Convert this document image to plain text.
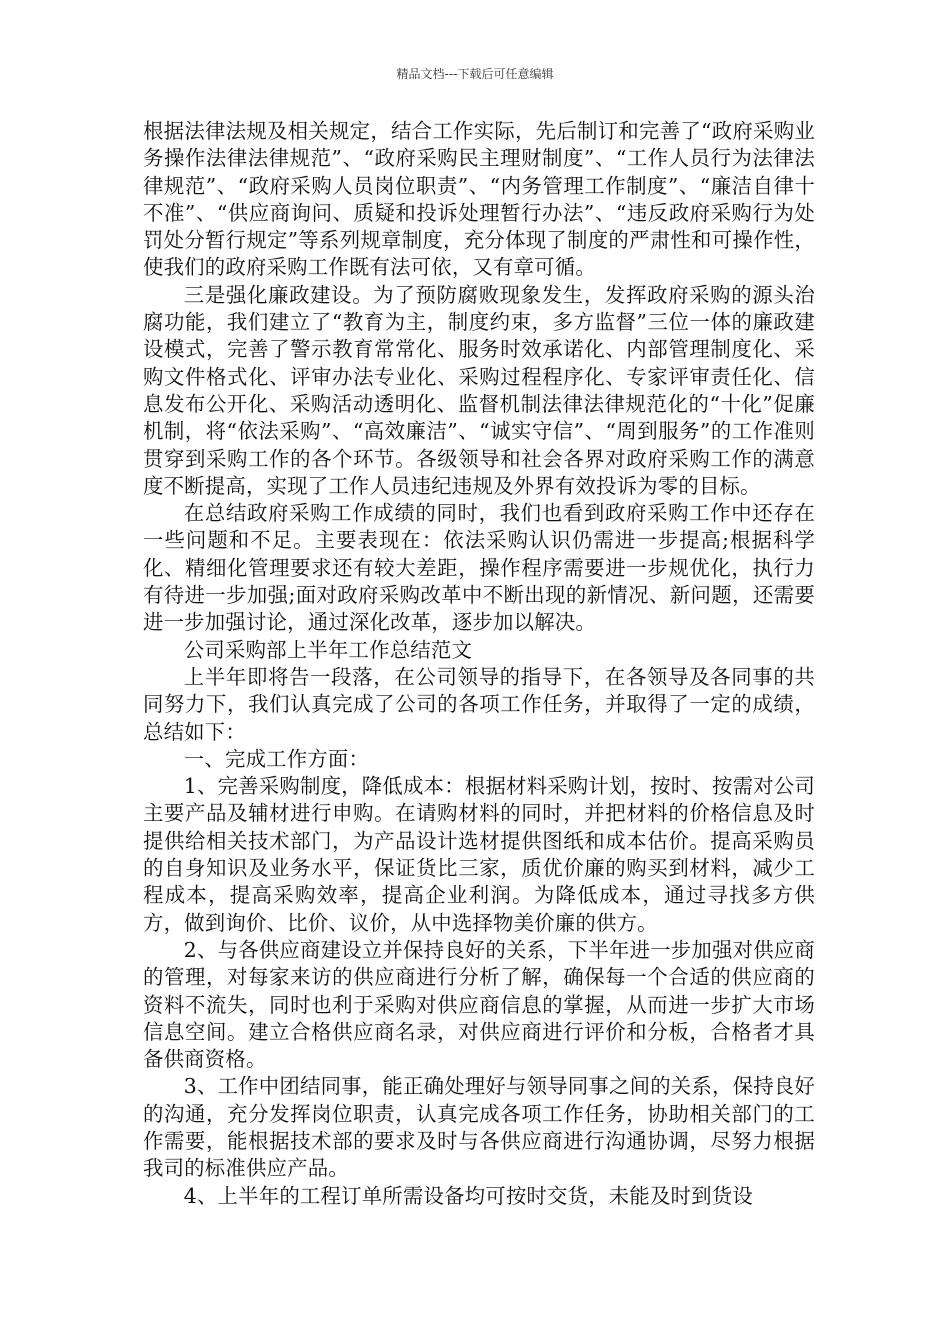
精品文档---下载后可任意编辑

根据法律法规及相关规定，结合工作实际，先后制订和完善了“政府采购业务操作法律法律规范”、“政府采购民主理财制度”、“工作人员行为法律法律规范”、“政府采购人员岗位职责”、“内务管理工作制度”、“廉洁自律十不准”、“供应商询问、质疑和投诉处理暂行办法”、“违反政府采购行为处罚处分暂行规定”等系列规章制度，充分体现了制度的严肃性和可操作性，使我们的政府采购工作既有法可依，又有章可循。

三是强化廉政建设。为了预防腐败现象发生，发挥政府采购的源头治腐功能，我们建立了“教育为主，制度约束，多方监督”三位一体的廉政建设模式，完善了警示教育常常化、服务时效承诺化、内部管理制度化、采购文件格式化、评审办法专业化、采购过程程序化、专家评审责任化、信息发布公开化、采购活动透明化、监督机制法律法律规范化的“十化”促廉机制，将“依法采购”、“高效廉洁”、“诚实守信”、“周到服务”的工作准则贯穿到采购工作的各个环节。各级领导和社会各界对政府采购工作的满意度不断提高，实现了工作人员违纪违规及外界有效投诉为零的目标。

在总结政府采购工作成绩的同时，我们也看到政府采购工作中还存在一些问题和不足。主要表现在：依法采购认识仍需进一步提高;根据科学化、精细化管理要求还有较大差距，操作程序需要进一步规优化，执行力有待进一步加强;面对政府采购改革中不断出现的新情况、新问题，还需要进一步加强讨论，通过深化改革，逐步加以解决。

公司采购部上半年工作总结范文

上半年即将告一段落，在公司领导的指导下，在各领导及各同事的共同努力下，我们认真完成了公司的各项工作任务，并取得了一定的成绩，总结如下：

一、完成工作方面：

1、完善采购制度，降低成本：根据材料采购计划，按时、按需对公司主要产品及辅材进行申购。在请购材料的同时，并把材料的价格信息及时提供给相关技术部门，为产品设计选材提供图纸和成本估价。提高采购员的自身知识及业务水平，保证货比三家，质优价廉的购买到材料，减少工程成本，提高采购效率，提高企业利润。为降低成本，通过寻找多方供方，做到询价、比价、议价，从中选择物美价廉的供方。

2、与各供应商建设立并保持良好的关系，下半年进一步加强对供应商的管理，对每家来访的供应商进行分析了解，确保每一个合适的供应商的资料不流失，同时也利于采购对供应商信息的掌握，从而进一步扩大市场信息空间。建立合格供应商名录，对供应商进行评价和分板，合格者才具备供商资格。

3、工作中团结同事，能正确处理好与领导同事之间的关系，保持良好的沟通，充分发挥岗位职责，认真完成各项工作任务，协助相关部门的工作需要，能根据技术部的要求及时与各供应商进行沟通协调，尽努力根据我司的标准供应产品。

4、上半年的工程订单所需设备均可按时交货，未能及时到货设
